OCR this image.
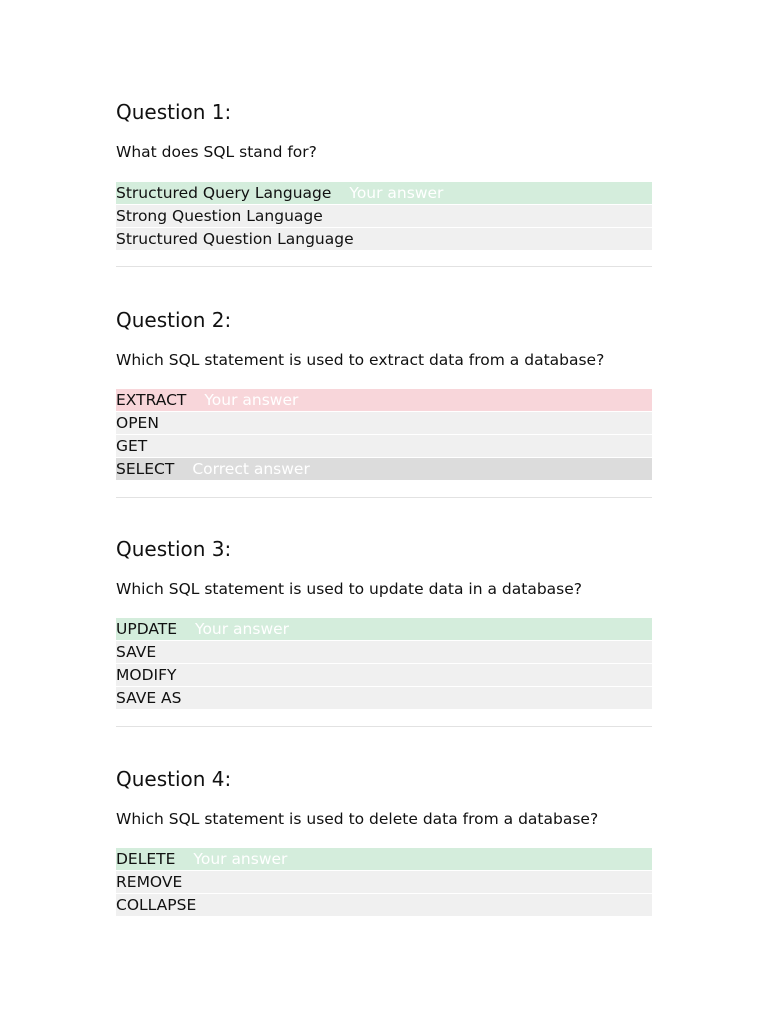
Question 1:
What does SQL stand for?
Structured Query Language Your answer
Strong Question Language
Structured Question Language
Question 2:
Which SQL statement is used to extract data from a database?
EXTRACT Your answer
OPEN
GET
SELECT Correct answer
Question 3:
Which SQL statement is used to update data in a database?
UPDATE Your answer
SAVE
MODIFY
SAVE AS
Question 4:
Which SQL statement is used to delete data from a database?
DELETE Your answer
REMOVE
COLLAPSE
